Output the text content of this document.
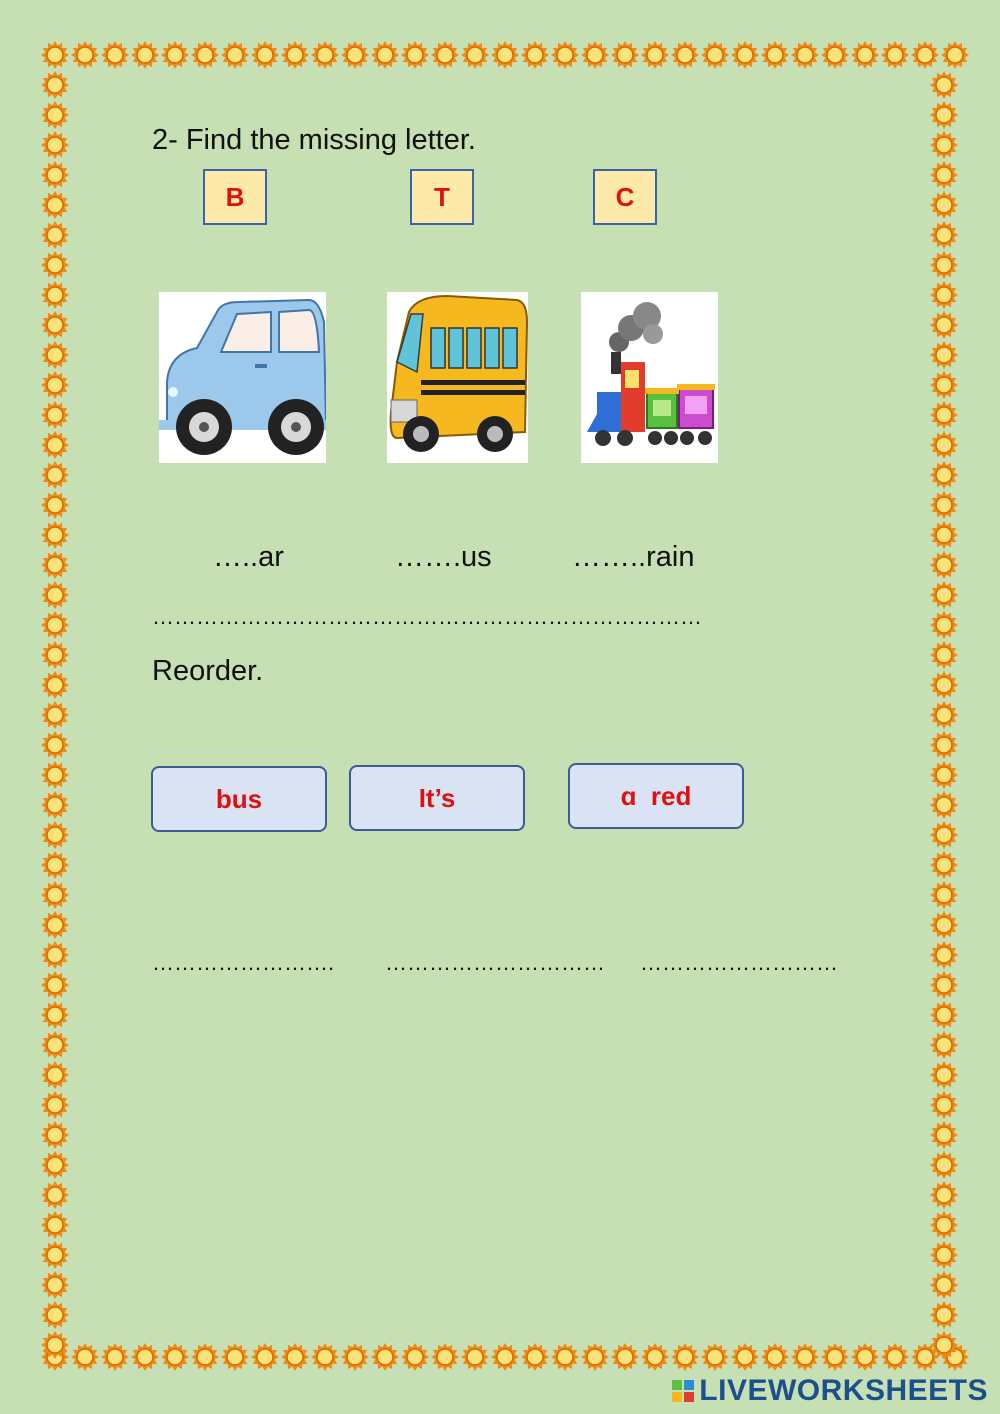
2- Find the missing letter.
B	T	C
…..ar	…….us	……..rain
…………………………………………………………………
Reorder.
bus	It’s	ɑ  red
……………………. ………………………… ………………………
LIVEWORKSHEETS
